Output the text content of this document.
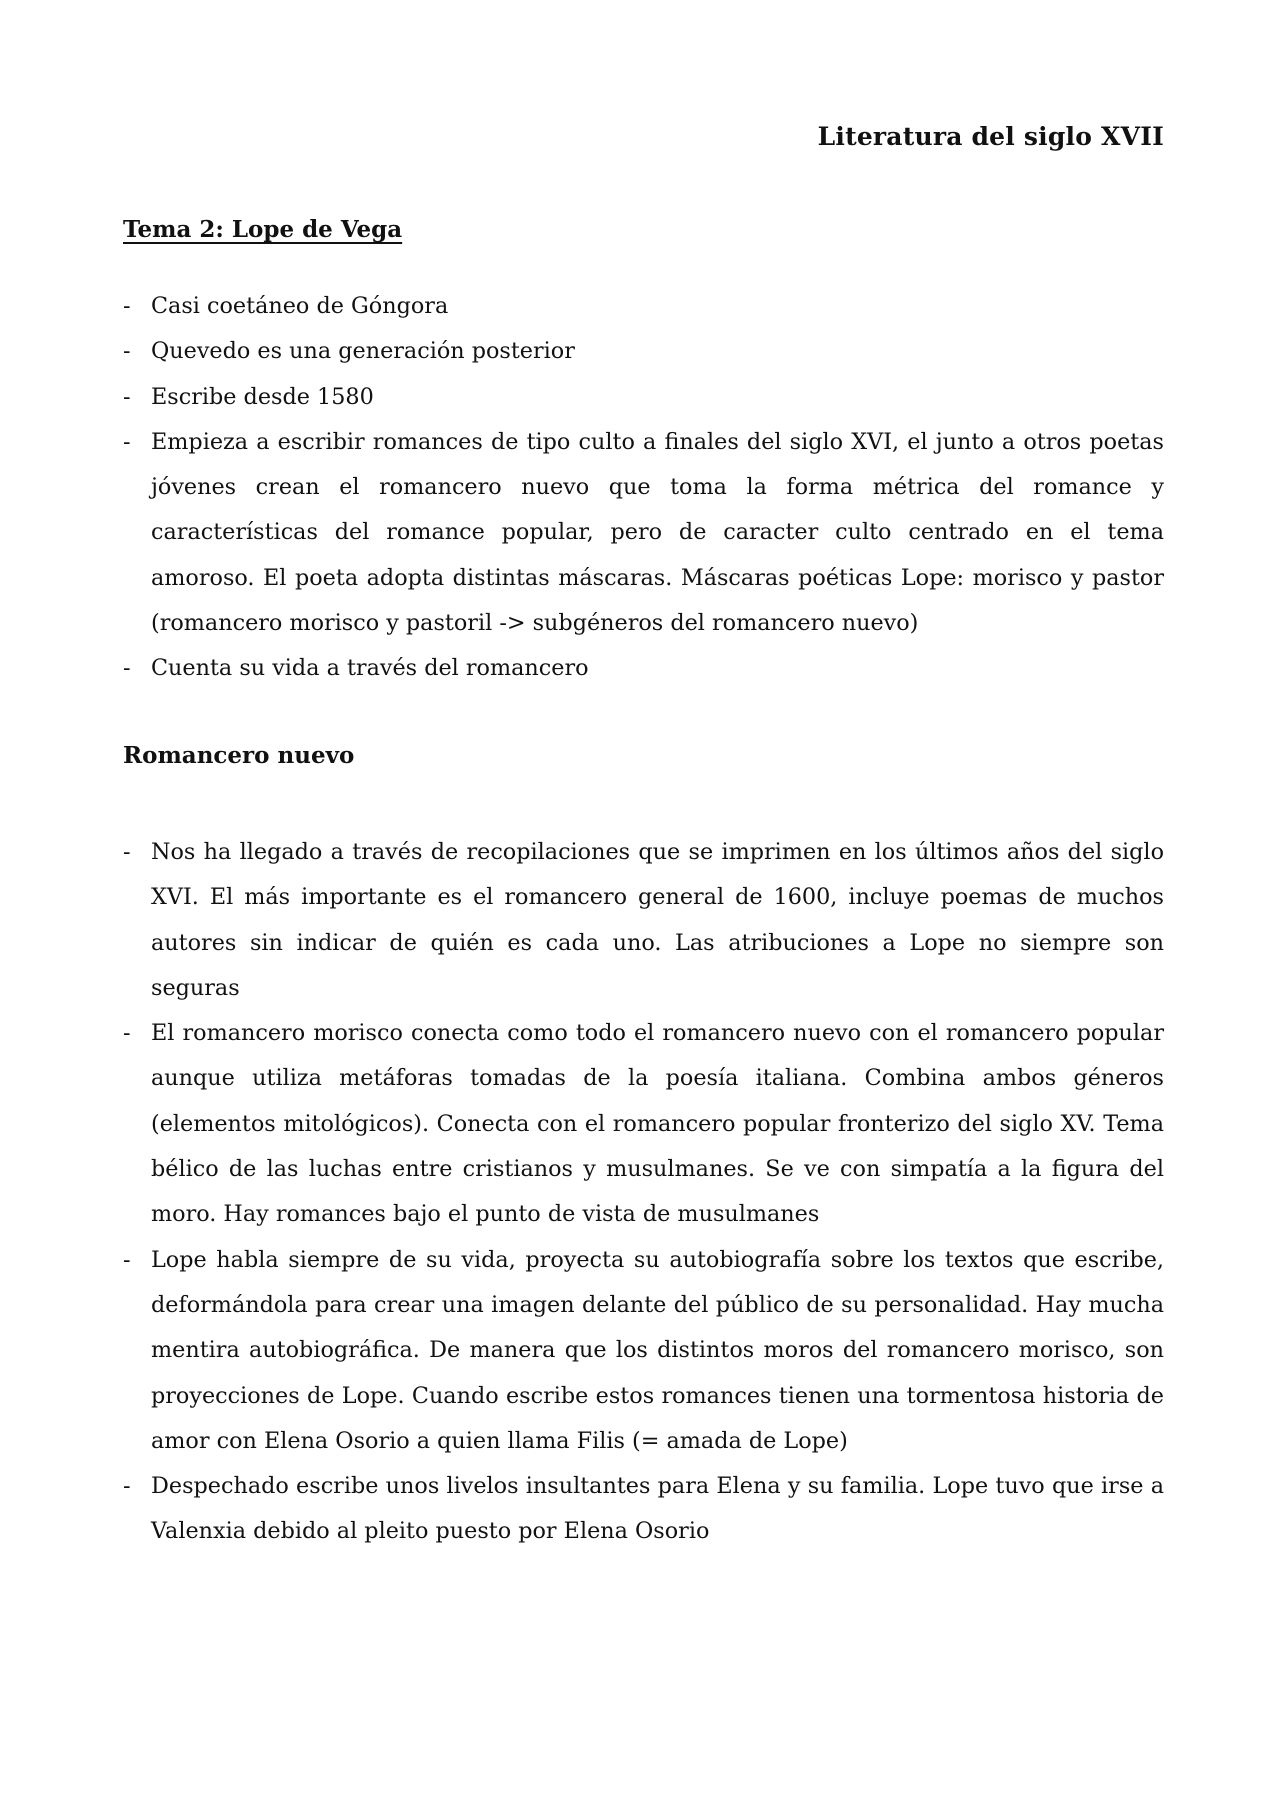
Literatura del siglo XVII
Tema 2: Lope de Vega
- Casi coetáneo de Góngora
- Quevedo es una generación posterior
- Escribe desde 1580
- Empieza a escribir romances de tipo culto a finales del siglo XVI, el junto a otros poetas jóvenes crean el romancero nuevo que toma la forma métrica del romance y características del romance popular, pero de caracter culto centrado en el tema amoroso. El poeta adopta distintas máscaras. Máscaras poéticas Lope: morisco y pastor (romancero morisco y pastoril -> subgéneros del romancero nuevo)
- Cuenta su vida a través del romancero
Romancero nuevo
- Nos ha llegado a través de recopilaciones que se imprimen en los últimos años del siglo XVI. El más importante es el romancero general de 1600, incluye poemas de muchos autores sin indicar de quién es cada uno. Las atribuciones a Lope no siempre son seguras
- El romancero morisco conecta como todo el romancero nuevo con el romancero popular aunque utiliza metáforas tomadas de la poesía italiana. Combina ambos géneros (elementos mitológicos). Conecta con el romancero popular fronterizo del siglo XV. Tema bélico de las luchas entre cristianos y musulmanes. Se ve con simpatía a la figura del moro. Hay romances bajo el punto de vista de musulmanes
- Lope habla siempre de su vida, proyecta su autobiografía sobre los textos que escribe, deformándola para crear una imagen delante del público de su personalidad. Hay mucha mentira autobiográfica. De manera que los distintos moros del romancero morisco, son proyecciones de Lope. Cuando escribe estos romances tienen una tormentosa historia de amor con Elena Osorio a quien llama Filis (= amada de Lope)
- Despechado escribe unos livelos insultantes para Elena y su familia. Lope tuvo que irse a Valenxia debido al pleito puesto por Elena Osorio
